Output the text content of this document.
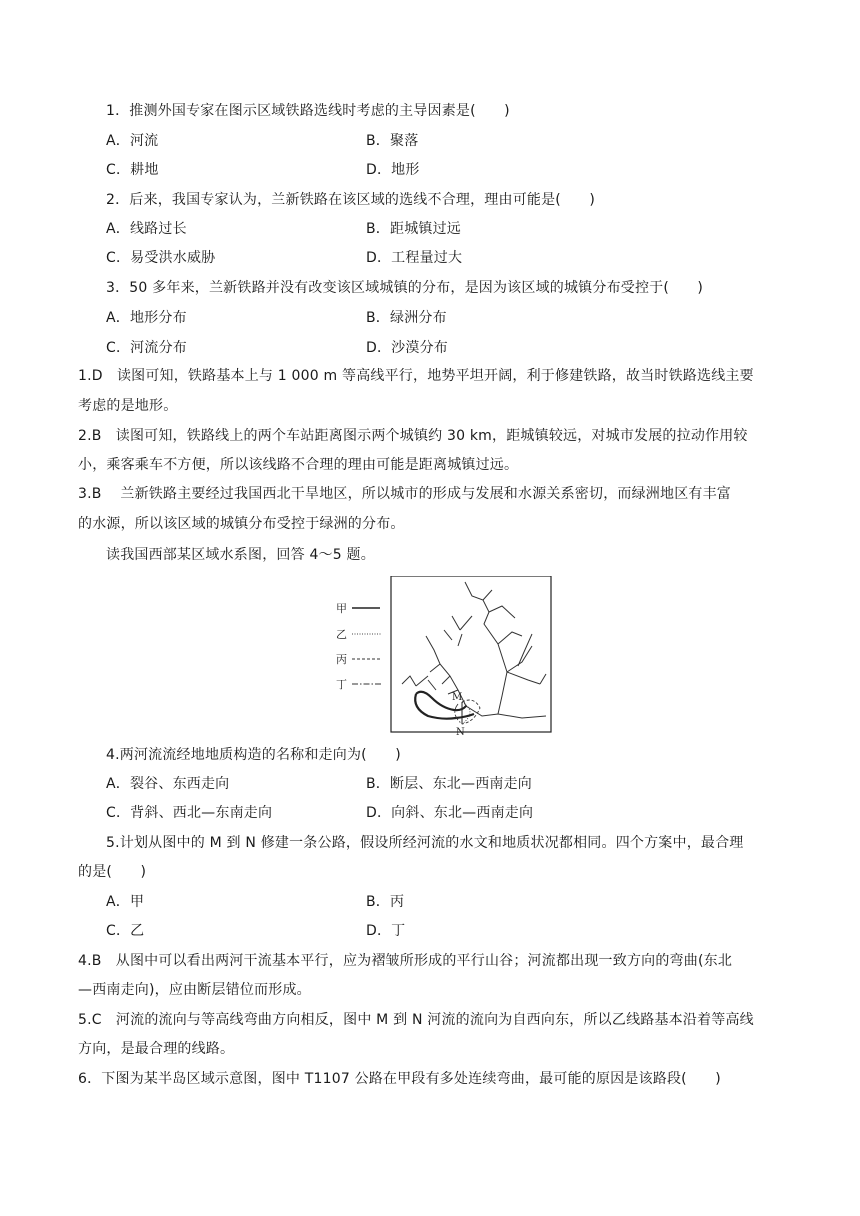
1．推测外国专家在图示区域铁路选线时考虑的主导因素是(　　)
A．河流	B．聚落
C．耕地	D．地形
2．后来，我国专家认为，兰新铁路在该区域的选线不合理，理由可能是(　　)
A．线路过长	B．距城镇过远
C．易受洪水威胁	D．工程量过大
3．50 多年来，兰新铁路并没有改变该区域城镇的分布，是因为该区域的城镇分布受控于(　　)
A．地形分布	B．绿洲分布
C．河流分布	D．沙漠分布
1.D　读图可知，铁路基本上与 1 000 m 等高线平行，地势平坦开阔，利于修建铁路，故当时铁路选线主要
考虑的是地形。
2.B　读图可知，铁路线上的两个车站距离图示两个城镇约 30 km，距城镇较远，对城市发展的拉动作用较
小，乘客乘车不方便，所以该线路不合理的理由可能是距离城镇过远。
3.B　 兰新铁路主要经过我国西北干旱地区，所以城市的形成与发展和水源关系密切，而绿洲地区有丰富
的水源，所以该区域的城镇分布受控于绿洲的分布。
读我国西部某区域水系图，回答 4～5 题。
甲
乙
丙
丁
M
N
4.两河流流经地地质构造的名称和走向为(　　)
A．裂谷、东西走向	B．断层、东北—西南走向
C．背斜、西北—东南走向	D．向斜、东北—西南走向
5.计划从图中的 M 到 N 修建一条公路，假设所经河流的水文和地质状况都相同。四个方案中，最合理
的是(　　)
A．甲	B．丙
C．乙	D．丁
4.B　从图中可以看出两河干流基本平行，应为褶皱所形成的平行山谷；河流都出现一致方向的弯曲(东北
—西南走向)，应由断层错位而形成。
5.C　河流的流向与等高线弯曲方向相反，图中 M 到 N 河流的流向为自西向东，所以乙线路基本沿着等高线
方向，是最合理的线路。
6．下图为某半岛区域示意图，图中 T1107 公路在甲段有多处连续弯曲，最可能的原因是该路段(　　)
